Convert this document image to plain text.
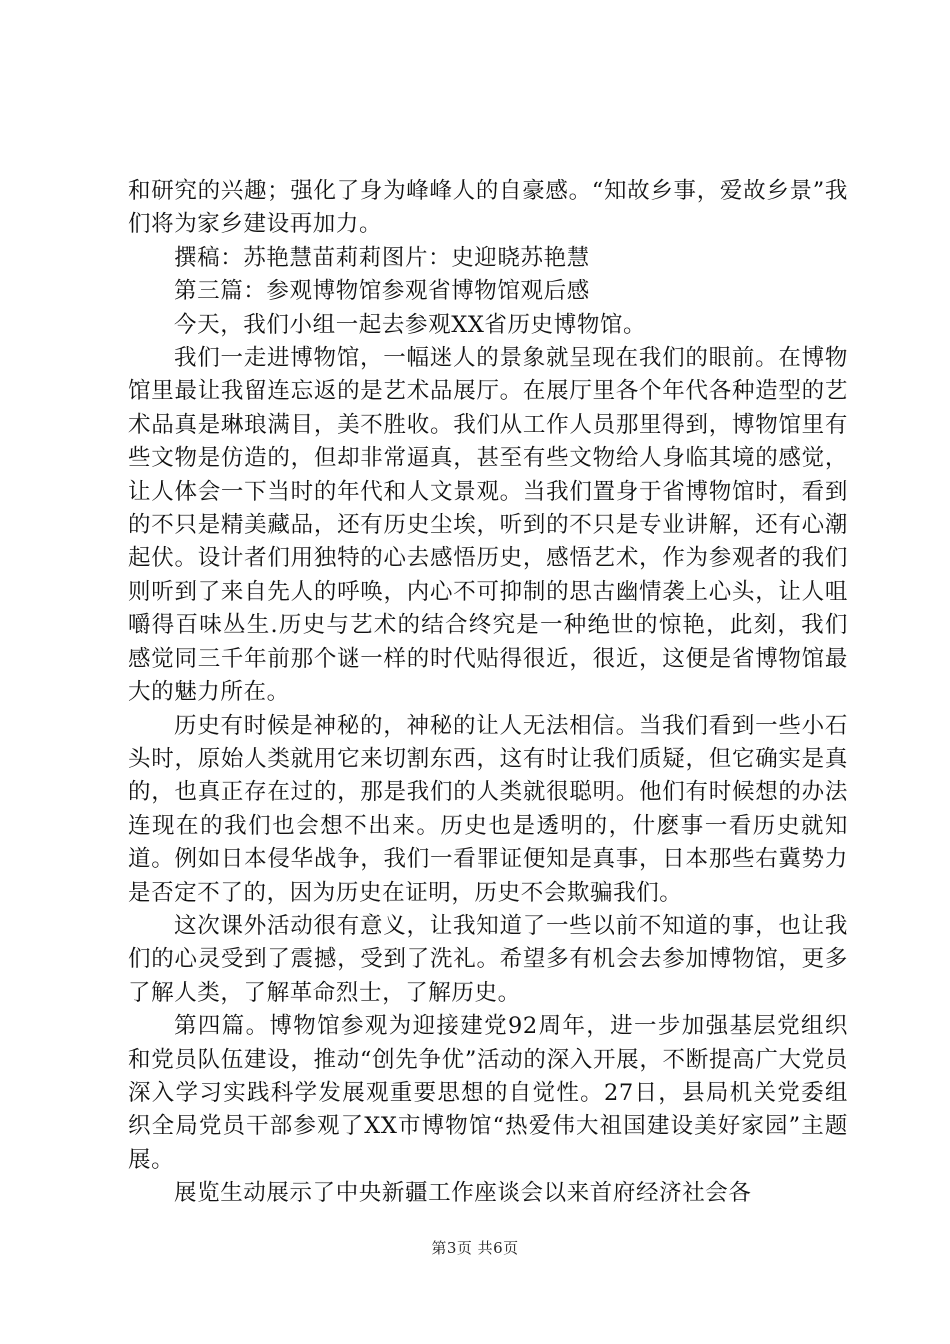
和研究的兴趣；强化了身为峰峰人的自豪感。“知故乡事，爱故乡景”我们将为家乡建设再加力。

撰稿：苏艳慧苗莉莉图片：史迎晓苏艳慧

第三篇：参观博物馆参观省博物馆观后感

今天，我们小组一起去参观XX省历史博物馆。

我们一走进博物馆，一幅迷人的景象就呈现在我们的眼前。在博物馆里最让我留连忘返的是艺术品展厅。在展厅里各个年代各种造型的艺术品真是琳琅满目，美不胜收。我们从工作人员那里得到，博物馆里有些文物是仿造的，但却非常逼真，甚至有些文物给人身临其境的感觉，让人体会一下当时的年代和人文景观。当我们置身于省博物馆时，看到的不只是精美藏品，还有历史尘埃，听到的不只是专业讲解，还有心潮起伏。设计者们用独特的心去感悟历史，感悟艺术，作为参观者的我们则听到了来自先人的呼唤，内心不可抑制的思古幽情袭上心头，让人咀嚼得百味丛生.历史与艺术的结合终究是一种绝世的惊艳，此刻，我们感觉同三千年前那个谜一样的时代贴得很近，很近，这便是省博物馆最大的魅力所在。

历史有时候是神秘的，神秘的让人无法相信。当我们看到一些小石头时，原始人类就用它来切割东西，这有时让我们质疑，但它确实是真的，也真正存在过的，那是我们的人类就很聪明。他们有时候想的办法连现在的我们也会想不出来。历史也是透明的，什麽事一看历史就知道。例如日本侵华战争，我们一看罪证便知是真事，日本那些右冀势力是否定不了的，因为历史在证明，历史不会欺骗我们。

这次课外活动很有意义，让我知道了一些以前不知道的事，也让我们的心灵受到了震撼，受到了洗礼。希望多有机会去参加博物馆，更多了解人类，了解革命烈士，了解历史。

第四篇。博物馆参观为迎接建党92周年，进一步加强基层党组织和党员队伍建设，推动“创先争优”活动的深入开展，不断提高广大党员深入学习实践科学发展观重要思想的自觉性。27日，县局机关党委组织全局党员干部参观了XX市博物馆“热爱伟大祖国建设美好家园”主题展。

展览生动展示了中央新疆工作座谈会以来首府经济社会各

第3页 共6页
